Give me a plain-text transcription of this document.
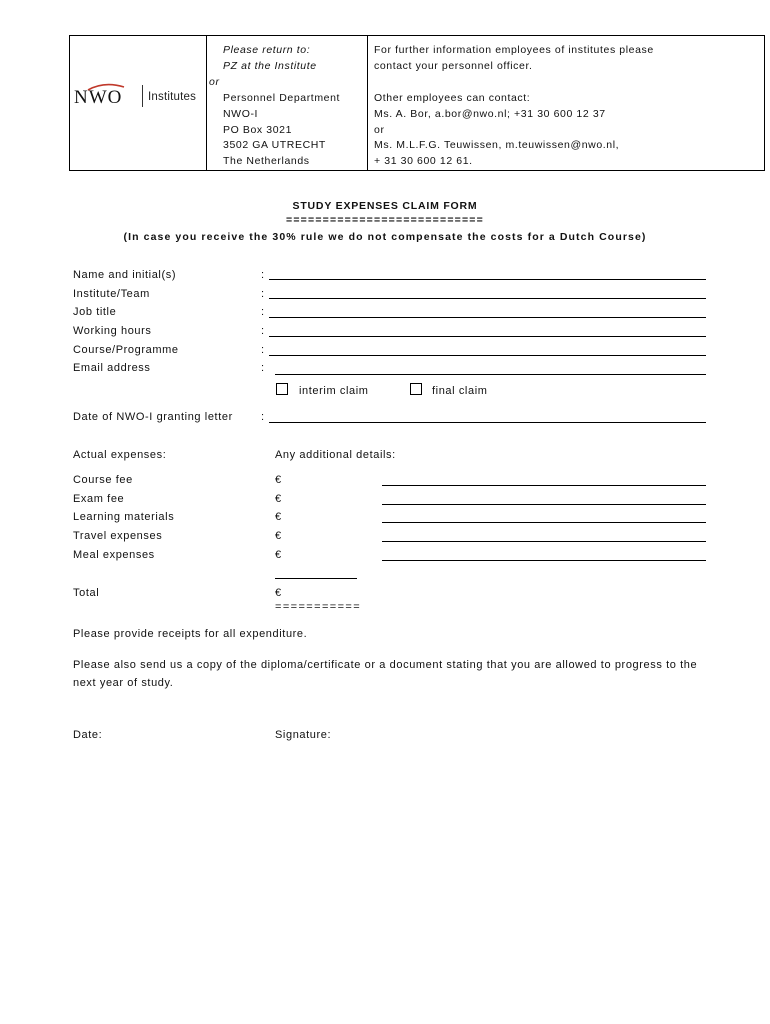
NWO Institutes
Please return to:
PZ at the Institute
or
Personnel Department
NWO-I
PO Box 3021
3502 GA UTRECHT
The Netherlands
For further information employees of institutes please
contact your personnel officer.
Other employees can contact:
Ms. A. Bor, a.bor@nwo.nl; +31 30 600 12 37
or
Ms. M.L.F.G. Teuwissen, m.teuwissen@nwo.nl,
+ 31 30 600 12 61.
STUDY EXPENSES CLAIM FORM
===========================
(In case you receive the 30% rule we do not compensate the costs for a Dutch Course)
Name and initial(s)	:
Institute/Team	:
Job title	:
Working hours	:
Course/Programme	:
Email address	:
interim claim	final claim
Date of NWO-I granting letter	:
Actual expenses:	Any additional details:
Course fee	€
Exam fee	€
Learning materials	€
Travel expenses	€
Meal expenses	€
Total	€
===========
Please provide receipts for all expenditure.
Please also send us a copy of the diploma/certificate or a document stating that you are allowed to progress to the
next year of study.
Date:	Signature:
